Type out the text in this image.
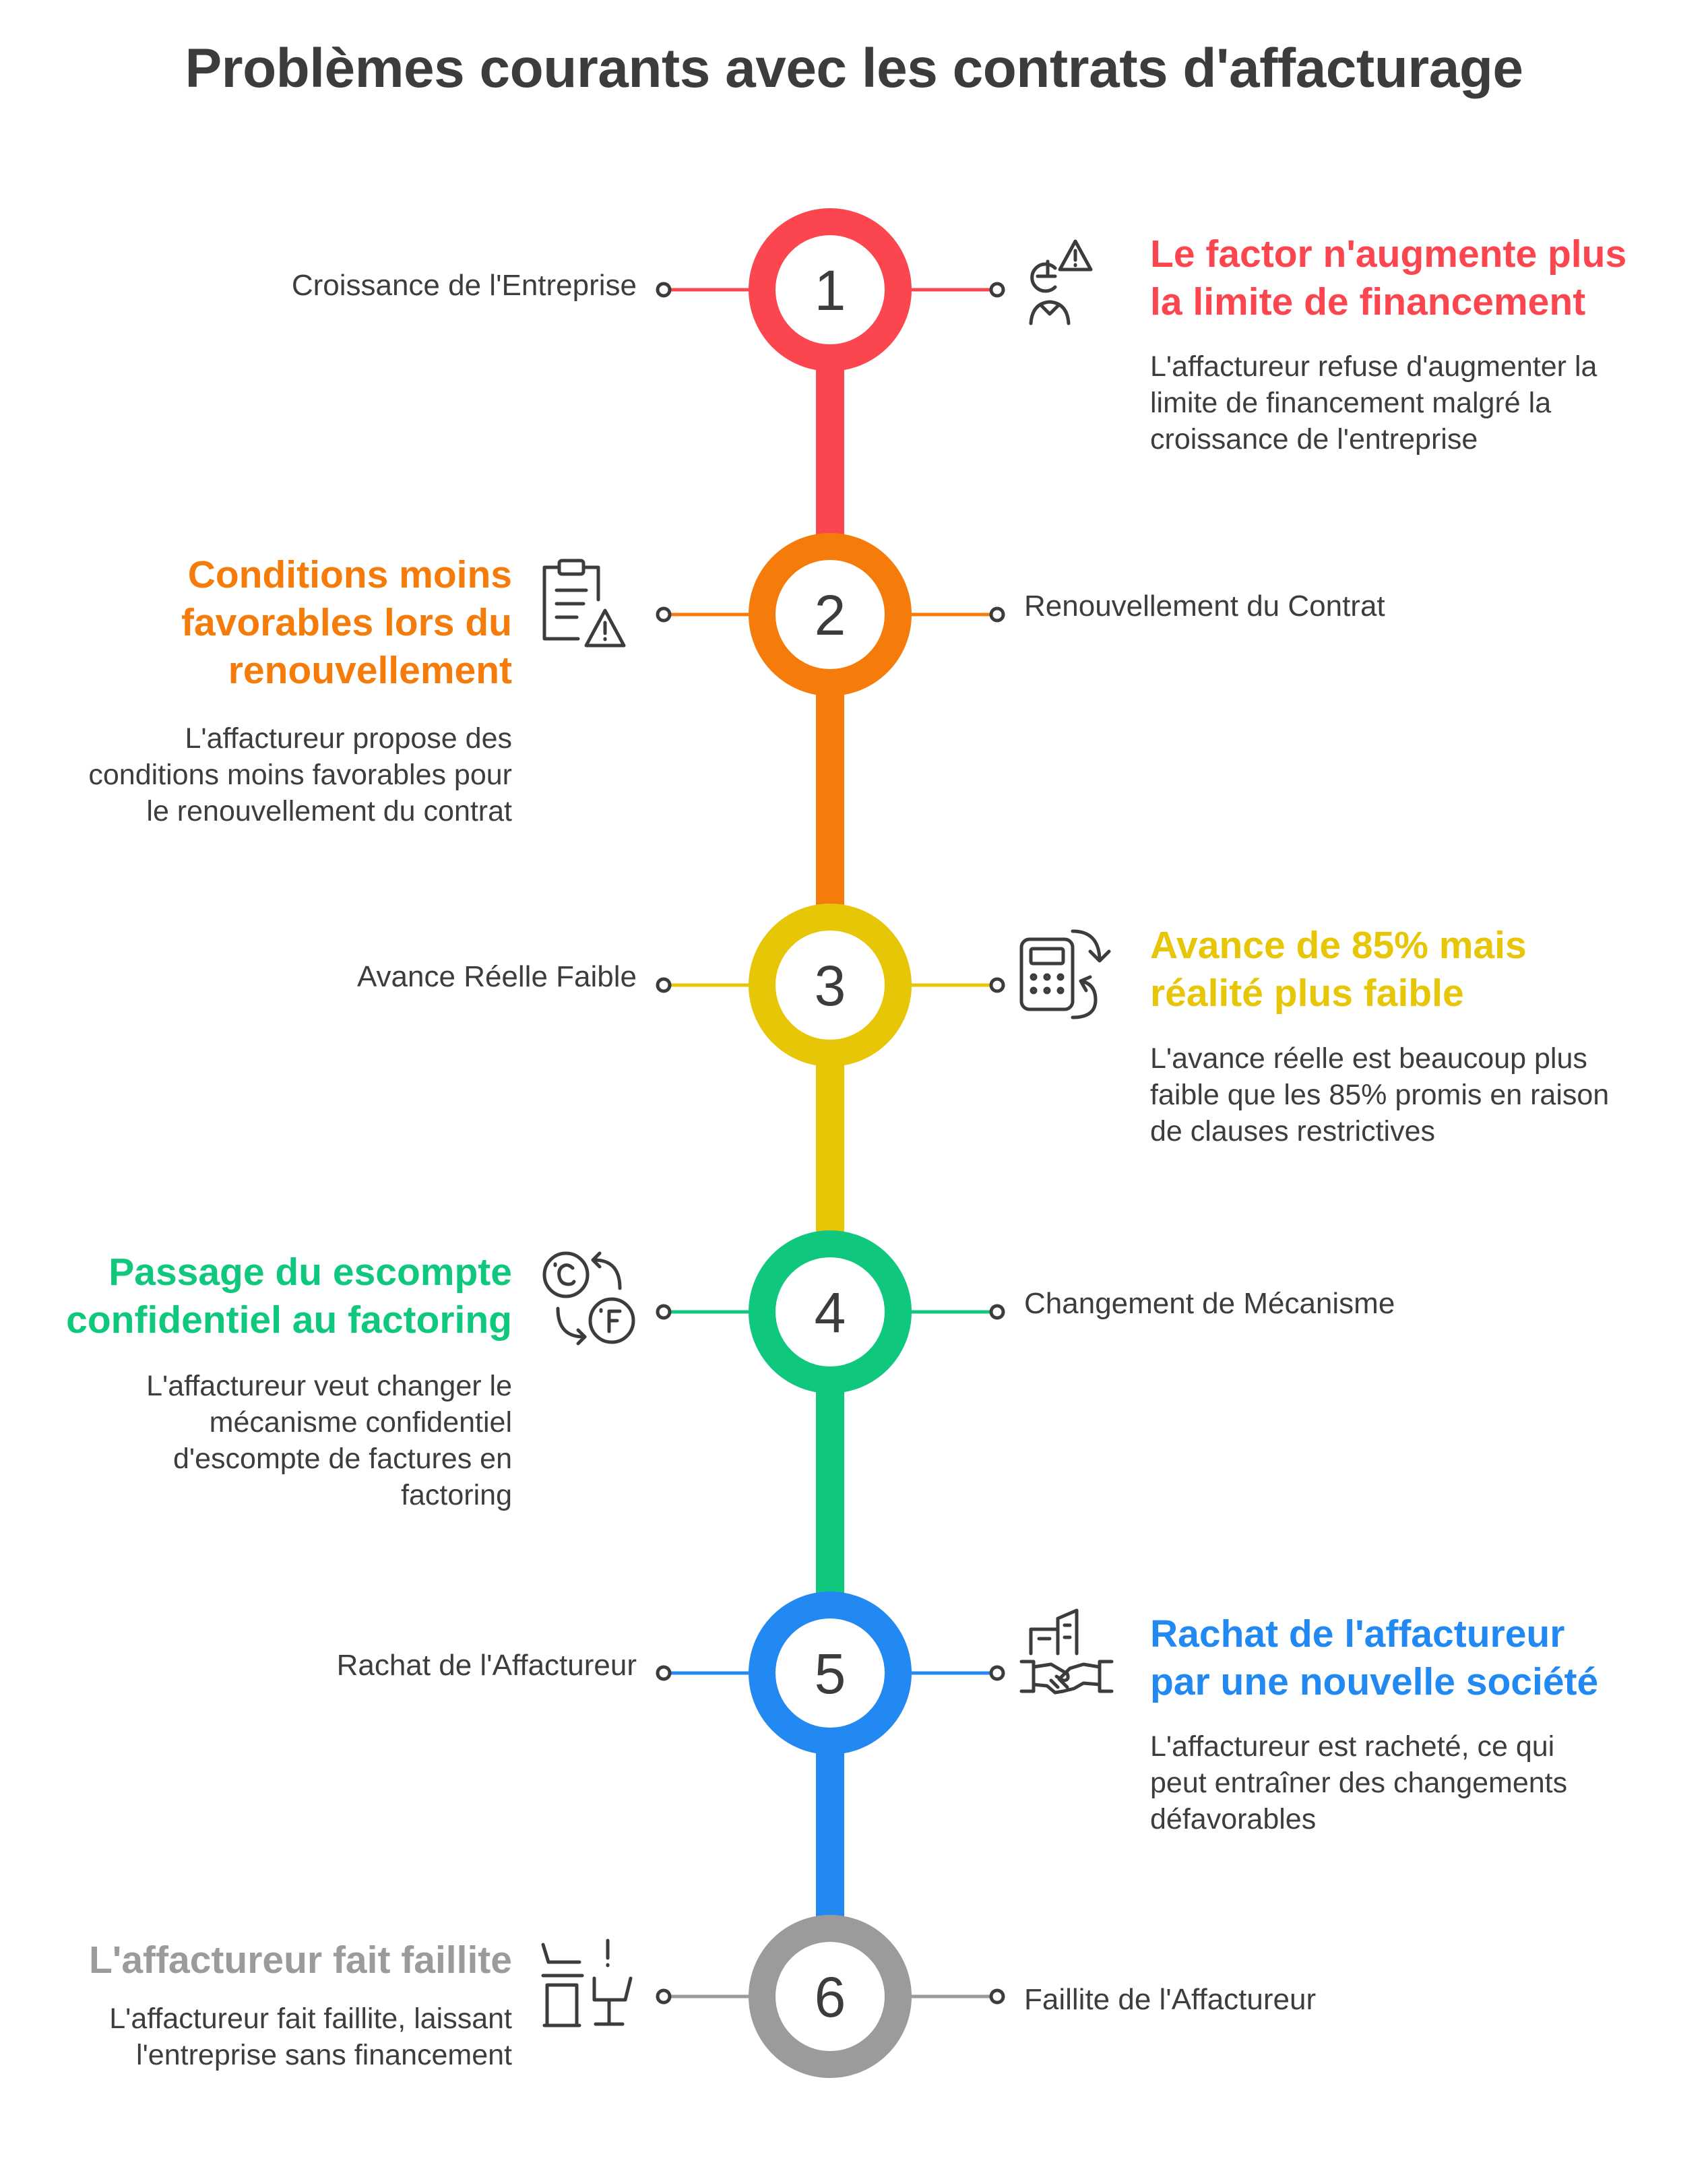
Problèmes courants avec les contrats d'affacturage
1
2
3
4
5
6
Croissance de l'Entreprise
Le factor n'augmente plus
la limite de financement
L'affactureur refuse d'augmenter la
limite de financement malgré la
croissance de l'entreprise
Renouvellement du Contrat
Conditions moins
favorables lors du
renouvellement
L'affactureur propose des
conditions moins favorables pour
le renouvellement du contrat
Avance Réelle Faible
Avance de 85% mais
réalité plus faible
L'avance réelle est beaucoup plus
faible que les 85% promis en raison
de clauses restrictives
Changement de Mécanisme
Passage du escompte
confidentiel au factoring
L'affactureur veut changer le
mécanisme confidentiel
d'escompte de factures en
factoring
Rachat de l'Affactureur
Rachat de l'affactureur
par une nouvelle société
L'affactureur est racheté, ce qui
peut entraîner des changements
défavorables
Faillite de l'Affactureur
L'affactureur fait faillite
L'affactureur fait faillite, laissant
l'entreprise sans financement
